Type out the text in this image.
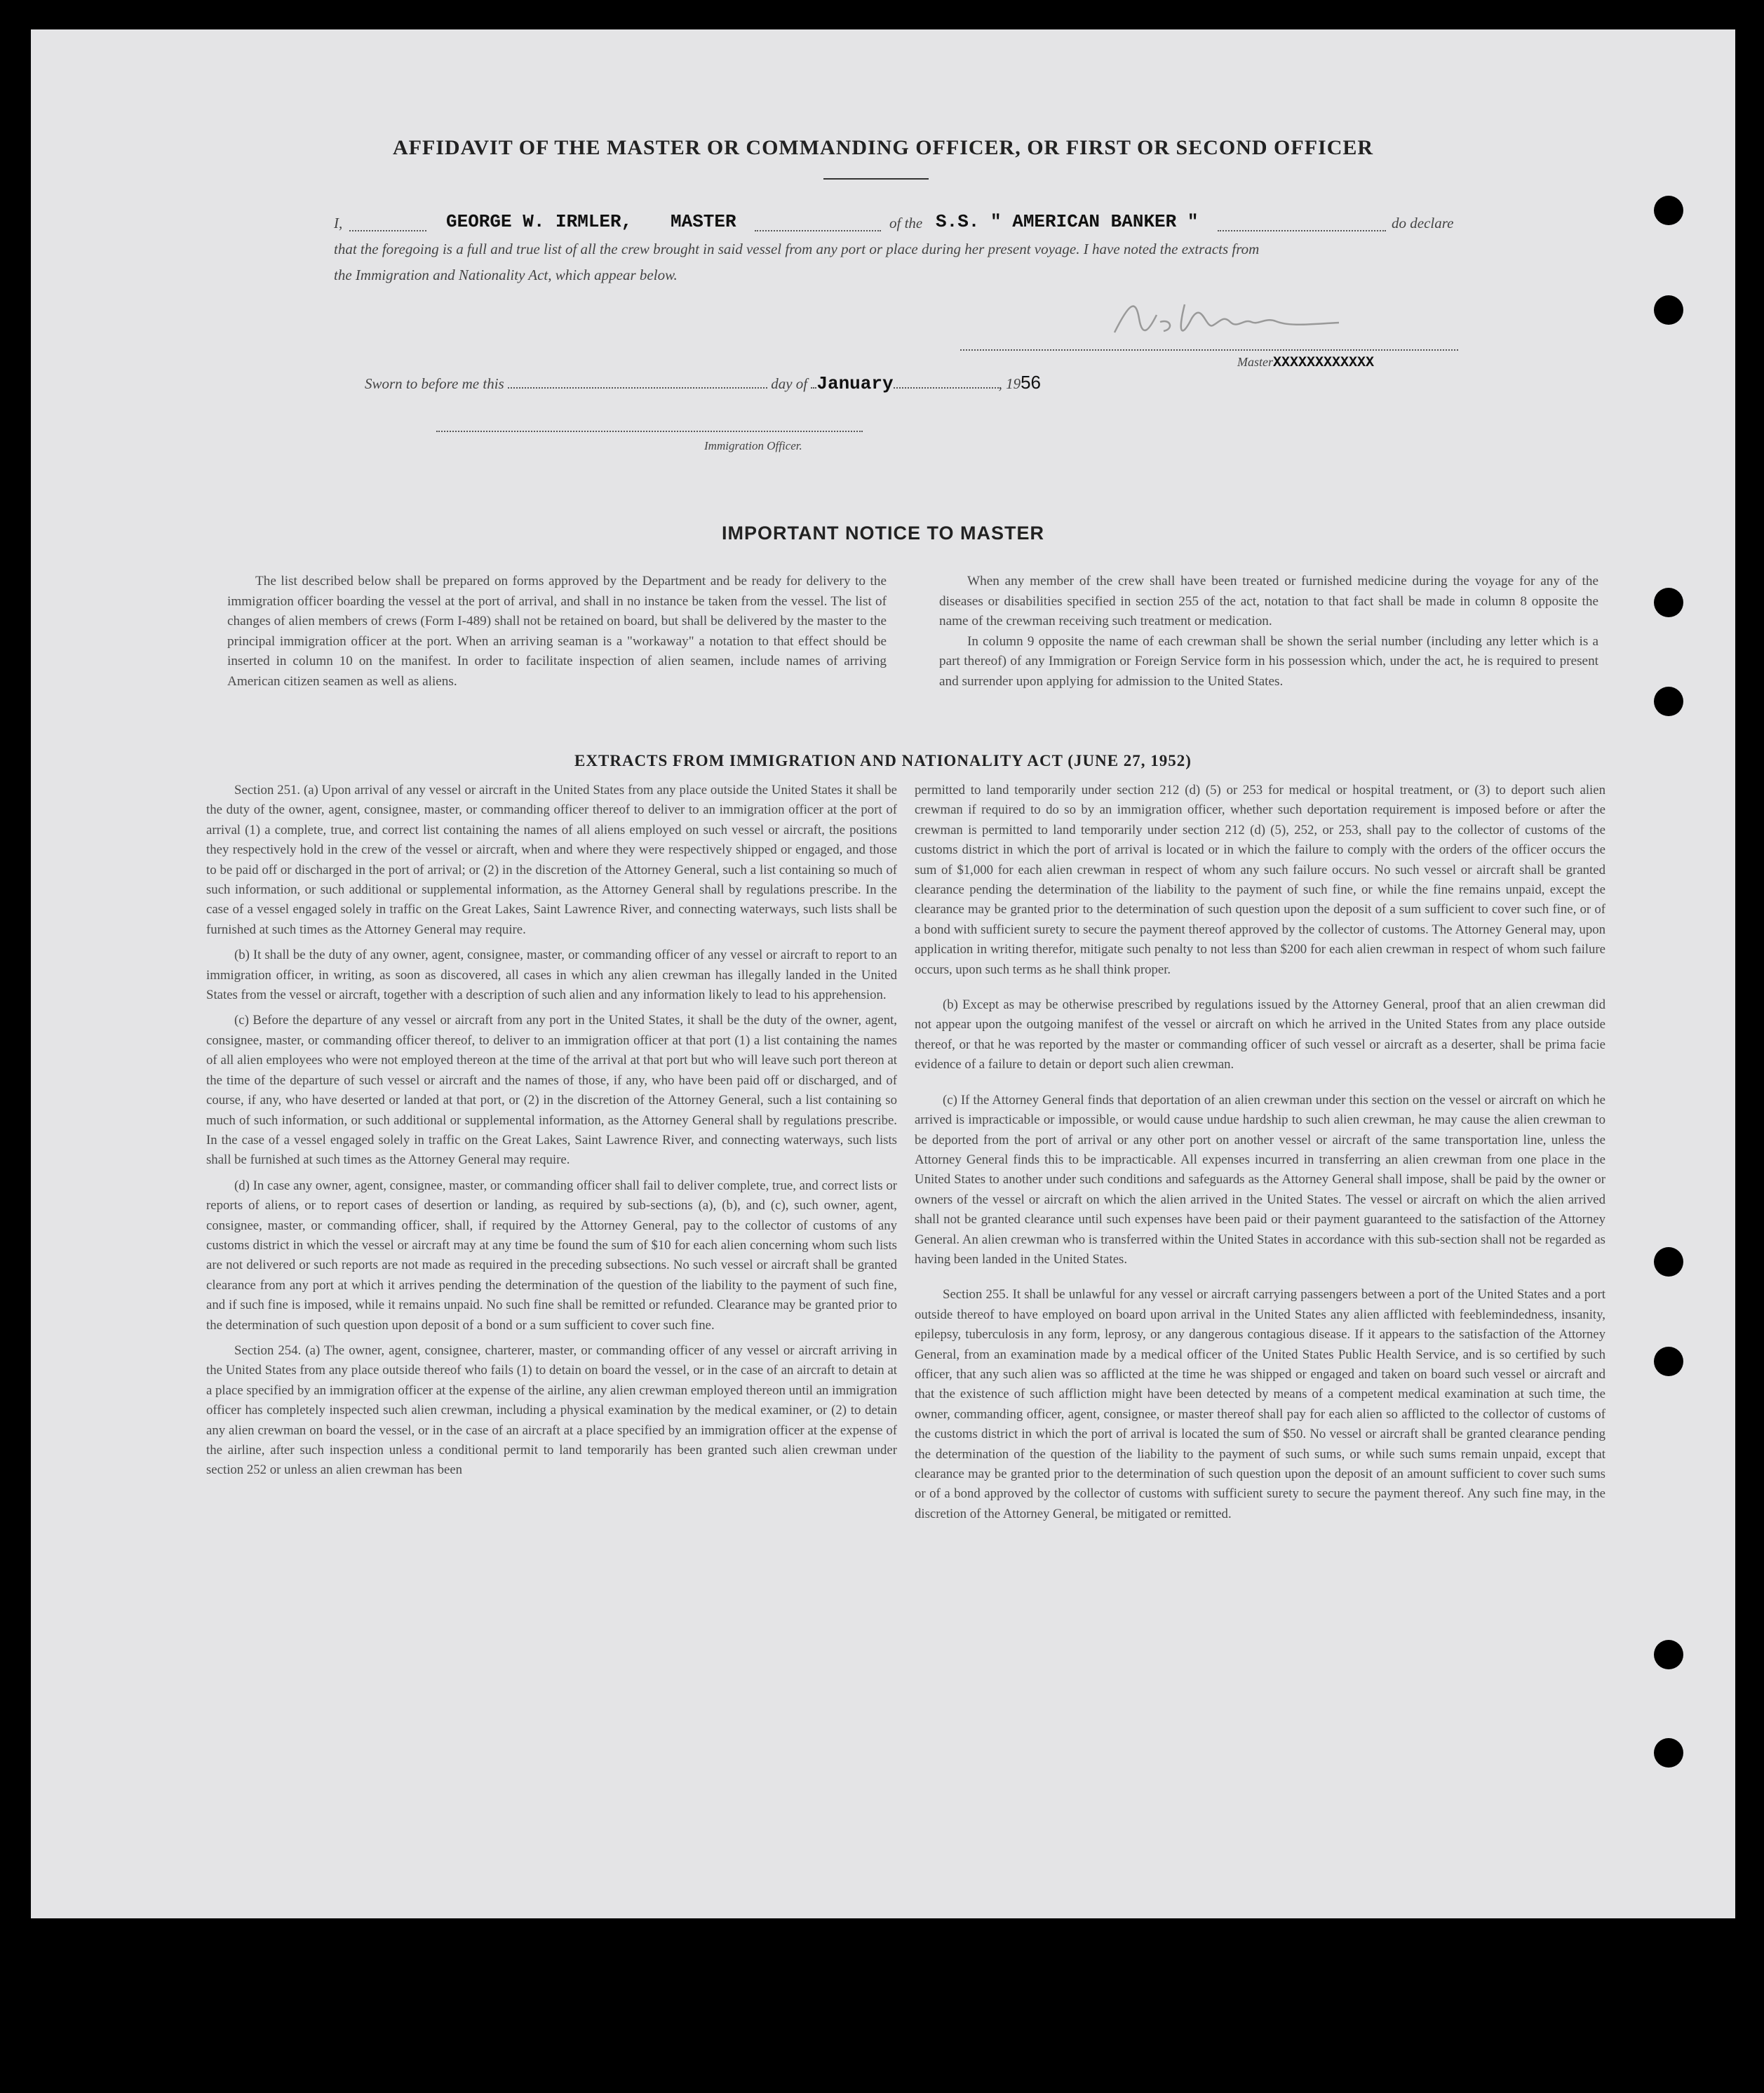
AFFIDAVIT OF THE MASTER OR COMMANDING OFFICER, OR FIRST OR SECOND OFFICER
I,	GEORGE W. IRMLER, MASTER	of the S.S. " AMERICAN BANKER "	do declare
that the foregoing is a full and true list of all the crew brought in said vessel from any port or place during her present voyage. I have noted the extracts from
the Immigration and Nationality Act, which appear below.
MasterXXXXXXXXXXXX
Sworn to before me this	day of January	, 1956
Immigration Officer.
IMPORTANT NOTICE TO MASTER

The list described below shall be prepared on forms approved by the Department and be ready for delivery to the immigration officer boarding the vessel at the port of arrival, and shall in no instance be taken from the vessel. The list of changes of alien members of crews (Form I-489) shall not be retained on board, but shall be delivered by the master to the principal immigration officer at the port. When an arriving seaman is a "workaway" a notation to that effect should be inserted in column 10 on the manifest. In order to facilitate inspection of alien seamen, include names of arriving American citizen seamen as well as aliens.

When any member of the crew shall have been treated or furnished medicine during the voyage for any of the diseases or disabilities specified in section 255 of the act, notation to that fact shall be made in column 8 opposite the name of the crewman receiving such treatment or medication.

In column 9 opposite the name of each crewman shall be shown the serial number (including any letter which is a part thereof) of any Immigration or Foreign Service form in his possession which, under the act, he is required to present and surrender upon applying for admission to the United States.

EXTRACTS FROM IMMIGRATION AND NATIONALITY ACT (JUNE 27, 1952)

Section 251. (a) Upon arrival of any vessel or aircraft in the United States from any place outside the United States it shall be the duty of the owner, agent, consignee, master, or commanding officer thereof to deliver to an immigration officer at the port of arrival (1) a complete, true, and correct list containing the names of all aliens employed on such vessel or aircraft, the positions they respectively hold in the crew of the vessel or aircraft, when and where they were respectively shipped or engaged, and those to be paid off or discharged in the port of arrival; or (2) in the discretion of the Attorney General, such a list containing so much of such information, or such additional or supplemental information, as the Attorney General shall by regulations prescribe. In the case of a vessel engaged solely in traffic on the Great Lakes, Saint Lawrence River, and connecting waterways, such lists shall be furnished at such times as the Attorney General may require.

(b) It shall be the duty of any owner, agent, consignee, master, or commanding officer of any vessel or aircraft to report to an immigration officer, in writing, as soon as discovered, all cases in which any alien crewman has illegally landed in the United States from the vessel or aircraft, together with a description of such alien and any information likely to lead to his apprehension.

(c) Before the departure of any vessel or aircraft from any port in the United States, it shall be the duty of the owner, agent, consignee, master, or commanding officer thereof, to deliver to an immigration officer at that port (1) a list containing the names of all alien employees who were not employed thereon at the time of the arrival at that port but who will leave such port thereon at the time of the departure of such vessel or aircraft and the names of those, if any, who have been paid off or discharged, and of course, if any, who have deserted or landed at that port, or (2) in the discretion of the Attorney General, such a list containing so much of such information, or such additional or supplemental information, as the Attorney General shall by regulations prescribe. In the case of a vessel engaged solely in traffic on the Great Lakes, Saint Lawrence River, and connecting waterways, such lists shall be furnished at such times as the Attorney General may require.

(d) In case any owner, agent, consignee, master, or commanding officer shall fail to deliver complete, true, and correct lists or reports of aliens, or to report cases of desertion or landing, as required by sub-sections (a), (b), and (c), such owner, agent, consignee, master, or commanding officer, shall, if required by the Attorney General, pay to the collector of customs of any customs district in which the vessel or aircraft may at any time be found the sum of $10 for each alien concerning whom such lists are not delivered or such reports are not made as required in the preceding subsections. No such vessel or aircraft shall be granted clearance from any port at which it arrives pending the determination of the question of the liability to the payment of such fine, and if such fine is imposed, while it remains unpaid. No such fine shall be remitted or refunded. Clearance may be granted prior to the determination of such question upon deposit of a bond or a sum sufficient to cover such fine.

Section 254. (a) The owner, agent, consignee, charterer, master, or commanding officer of any vessel or aircraft arriving in the United States from any place outside thereof who fails (1) to detain on board the vessel, or in the case of an aircraft to detain at a place specified by an immigration officer at the expense of the airline, any alien crewman employed thereon until an immigration officer has completely inspected such alien crewman, including a physical examination by the medical examiner, or (2) to detain any alien crewman on board the vessel, or in the case of an aircraft at a place specified by an immigration officer at the expense of the airline, after such inspection unless a conditional permit to land temporarily has been granted such alien crewman under section 252 or unless an alien crewman has been

permitted to land temporarily under section 212 (d) (5) or 253 for medical or hospital treatment, or (3) to deport such alien crewman if required to do so by an immigration officer, whether such deportation requirement is imposed before or after the crewman is permitted to land temporarily under section 212 (d) (5), 252, or 253, shall pay to the collector of customs of the customs district in which the port of arrival is located or in which the failure to comply with the orders of the officer occurs the sum of $1,000 for each alien crewman in respect of whom any such failure occurs. No such vessel or aircraft shall be granted clearance pending the determination of the liability to the payment of such fine, or while the fine remains unpaid, except the clearance may be granted prior to the determination of such question upon the deposit of a sum sufficient to cover such fine, or of a bond with sufficient surety to secure the payment thereof approved by the collector of customs. The Attorney General may, upon application in writing therefor, mitigate such penalty to not less than $200 for each alien crewman in respect of whom such failure occurs, upon such terms as he shall think proper.

(b) Except as may be otherwise prescribed by regulations issued by the Attorney General, proof that an alien crewman did not appear upon the outgoing manifest of the vessel or aircraft on which he arrived in the United States from any place outside thereof, or that he was reported by the master or commanding officer of such vessel or aircraft as a deserter, shall be prima facie evidence of a failure to detain or deport such alien crewman.

(c) If the Attorney General finds that deportation of an alien crewman under this section on the vessel or aircraft on which he arrived is impracticable or impossible, or would cause undue hardship to such alien crewman, he may cause the alien crewman to be deported from the port of arrival or any other port on another vessel or aircraft of the same transportation line, unless the Attorney General finds this to be impracticable. All expenses incurred in transferring an alien crewman from one place in the United States to another under such conditions and safeguards as the Attorney General shall impose, shall be paid by the owner or owners of the vessel or aircraft on which the alien arrived in the United States. The vessel or aircraft on which the alien arrived shall not be granted clearance until such expenses have been paid or their payment guaranteed to the satisfaction of the Attorney General. An alien crewman who is transferred within the United States in accordance with this sub-section shall not be regarded as having been landed in the United States.

Section 255. It shall be unlawful for any vessel or aircraft carrying passengers between a port of the United States and a port outside thereof to have employed on board upon arrival in the United States any alien afflicted with feeblemindedness, insanity, epilepsy, tuberculosis in any form, leprosy, or any dangerous contagious disease. If it appears to the satisfaction of the Attorney General, from an examination made by a medical officer of the United States Public Health Service, and is so certified by such officer, that any such alien was so afflicted at the time he was shipped or engaged and taken on board such vessel or aircraft and that the existence of such affliction might have been detected by means of a competent medical examination at such time, the owner, commanding officer, agent, consignee, or master thereof shall pay for each alien so afflicted to the collector of customs of the customs district in which the port of arrival is located the sum of $50. No vessel or aircraft shall be granted clearance pending the determination of the question of the liability to the payment of such sums, or while such sums remain unpaid, except that clearance may be granted prior to the determination of such question upon the deposit of an amount sufficient to cover such sums or of a bond approved by the collector of customs with sufficient surety to secure the payment thereof. Any such fine may, in the discretion of the Attorney General, be mitigated or remitted.
